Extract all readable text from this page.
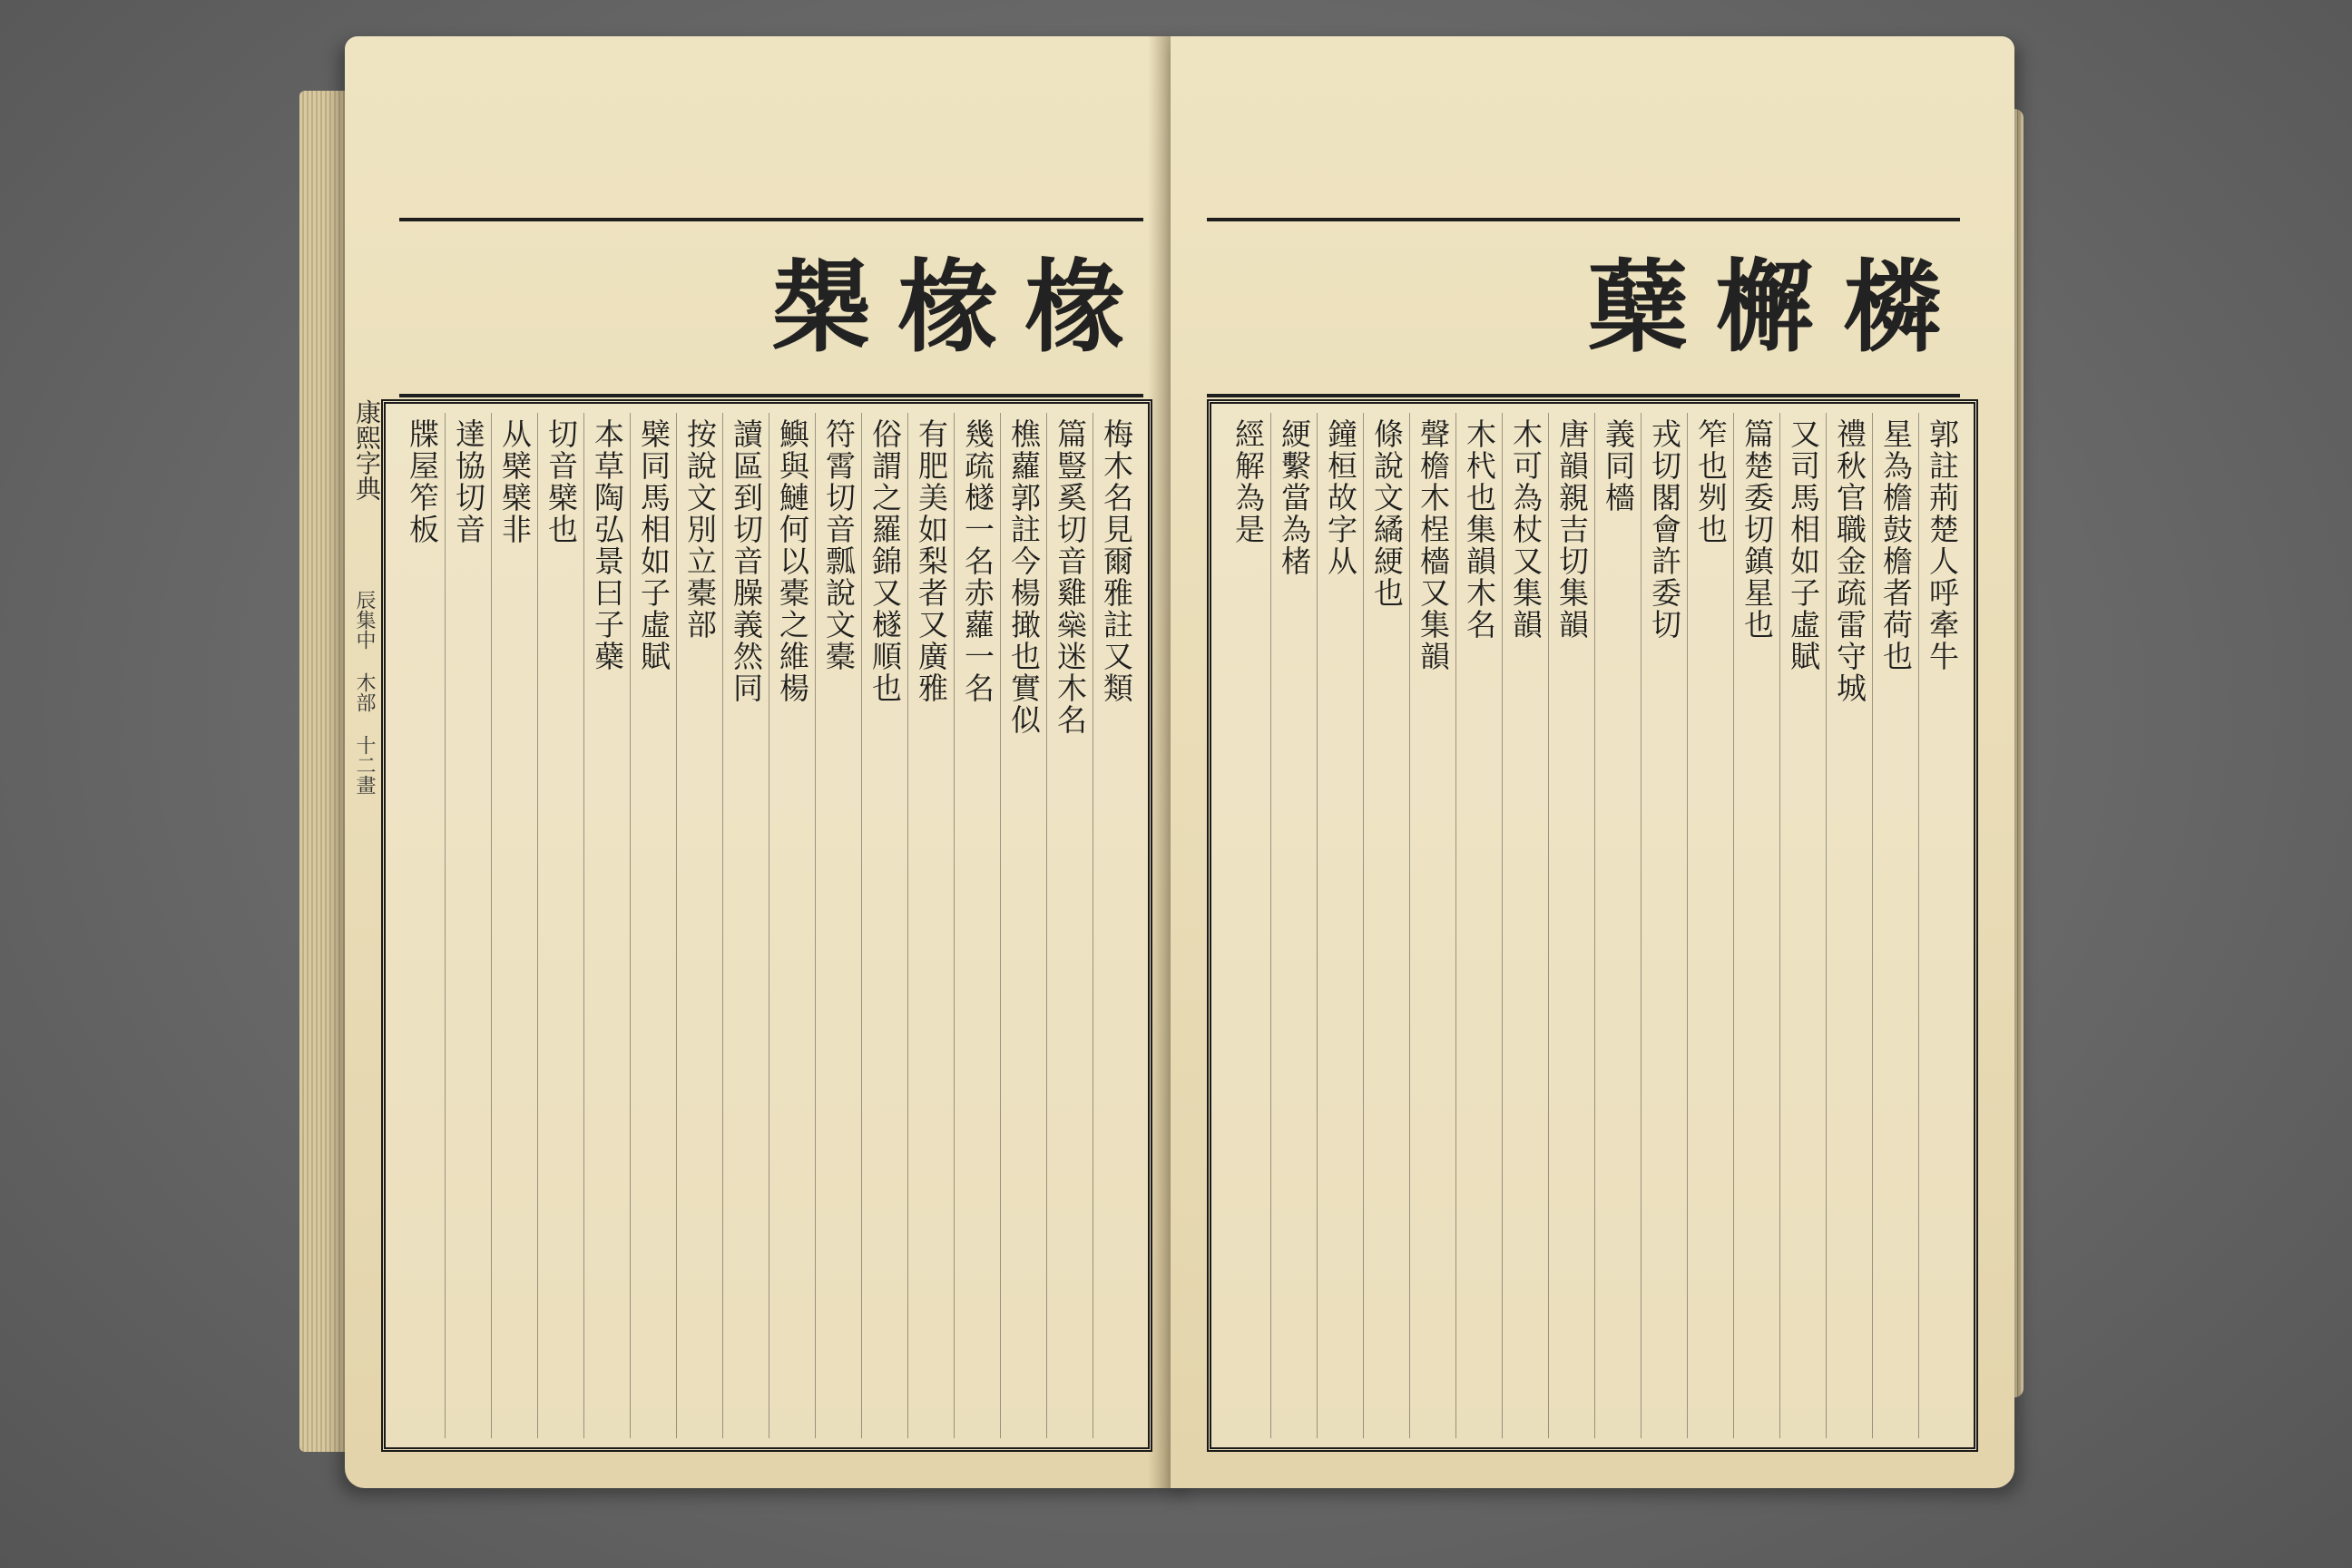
椽
椽
槼
康熙字典
辰集中 木部 十二畫	梅木名見爾雅註又類
篇豎奚切音雞橤迷木名
樵蘿郭註今楊撖也實似
幾疏檖一名赤蘿一名
有肥美如梨者又廣雅
俗謂之羅錦又檖順也
符霄切音瓢說文橐
鱮與鰱何以橐之維楊
讀區到切音臊義然同
按說文別立橐部
檗同馬相如子虛賦
本草陶弘景曰子蘗
切音檗也
从檗檗非
達協切音
牒屋笮板
橉
檞
蘖
郭註荊楚人呼牽牛
星為檐鼓檐者荷也
禮秋官職金疏雷守城
又司馬相如子虛賦
篇楚委切鎮星也
笮也刿也
戎切閣會許委切
義同檣
唐韻親吉切集韻
木可為杖又集韻
木杙也集韻木名
聲檐木桯檣又集韻
條說文繘綆也
鐘桓故字从
綆繫當為楮
經解為是
